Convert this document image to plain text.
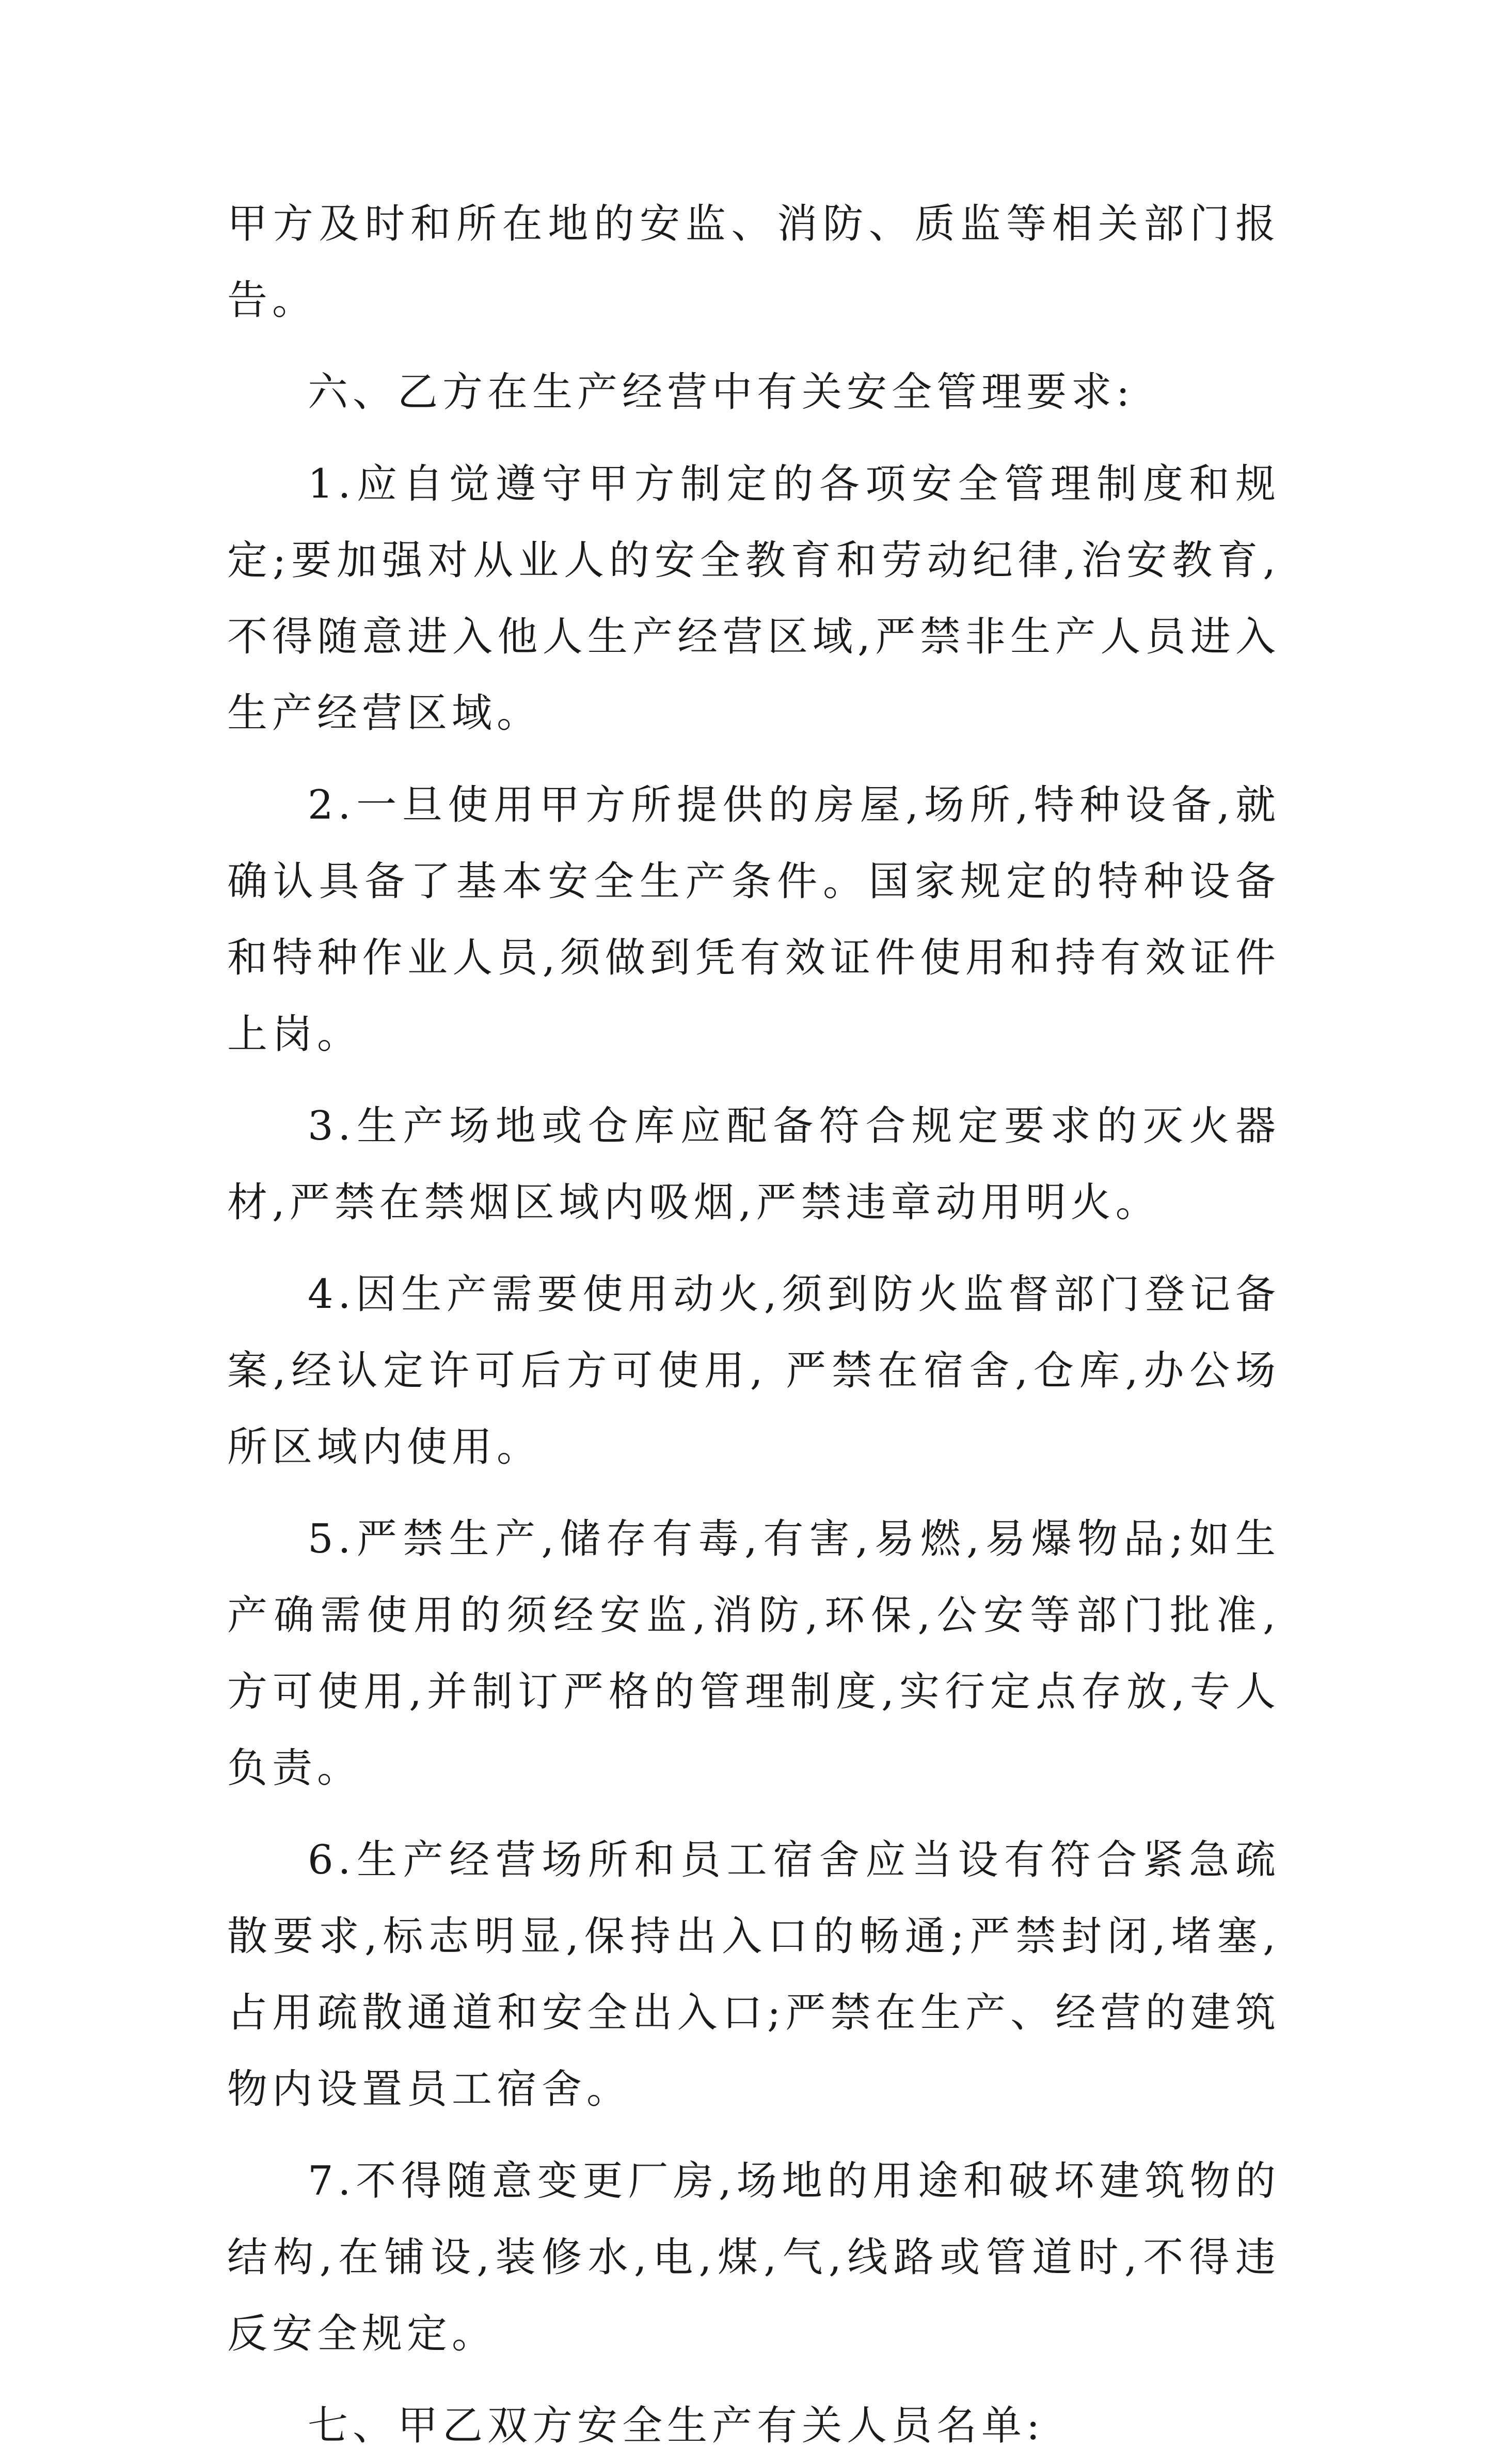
甲方及时和所在地的安监、消防、质监等相关部门报告。

六、乙方在生产经营中有关安全管理要求:

1.应自觉遵守甲方制定的各项安全管理制度和规定;要加强对从业人的安全教育和劳动纪律,治安教育,不得随意进入他人生产经营区域,严禁非生产人员进入生产经营区域。

2.一旦使用甲方所提供的房屋,场所,特种设备,就确认具备了基本安全生产条件。国家规定的特种设备和特种作业人员,须做到凭有效证件使用和持有效证件上岗。

3.生产场地或仓库应配备符合规定要求的灭火器材,严禁在禁烟区域内吸烟,严禁违章动用明火。

4.因生产需要使用动火,须到防火监督部门登记备案,经认定许可后方可使用, 严禁在宿舍,仓库,办公场所区域内使用。

5.严禁生产,储存有毒,有害,易燃,易爆物品;如生产确需使用的须经安监,消防,环保,公安等部门批准,方可使用,并制订严格的管理制度,实行定点存放,专人负责。

6.生产经营场所和员工宿舍应当设有符合紧急疏散要求,标志明显,保持出入口的畅通;严禁封闭,堵塞,占用疏散通道和安全出入口;严禁在生产、经营的建筑物内设置员工宿舍。

7.不得随意变更厂房,场地的用途和破坏建筑物的结构,在铺设,装修水,电,煤,气,线路或管道时,不得违反安全规定。

七、甲乙双方安全生产有关人员名单:
